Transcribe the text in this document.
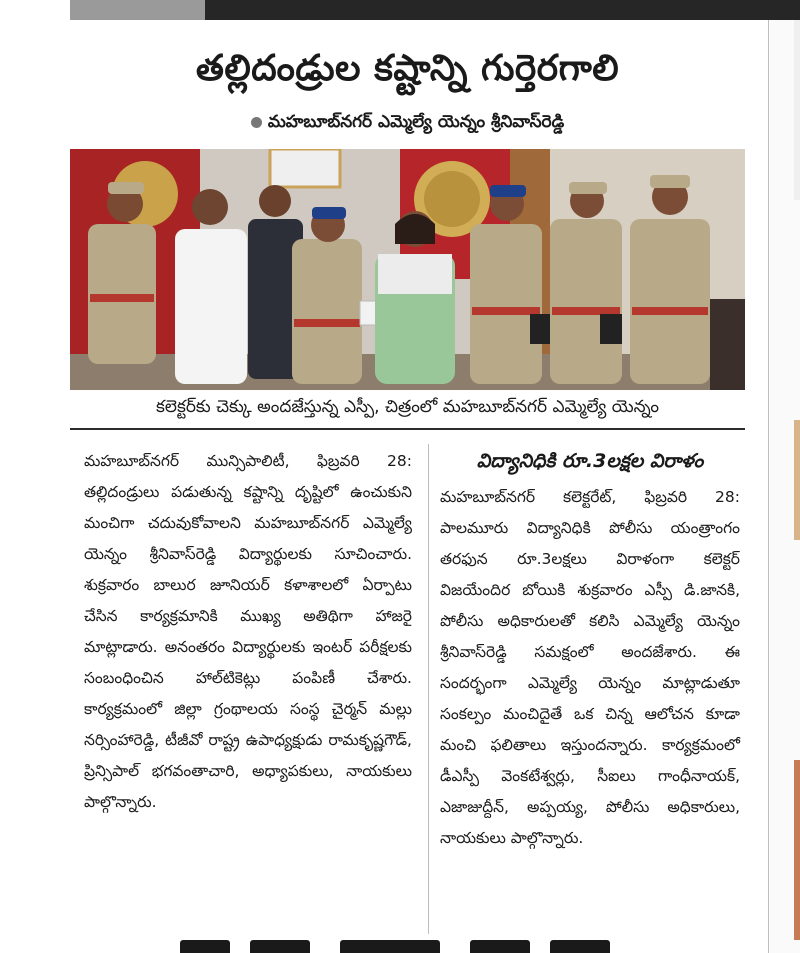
తల్లిదండ్రుల కష్టాన్ని గుర్తెరగాలి
మహబూబ్‌నగర్ ఎమ్మెల్యే యెన్నం శ్రీనివాస్‌రెడ్డి
కలెక్టర్‌కు చెక్కు అందజేస్తున్న ఎస్పీ, చిత్రంలో మహబూబ్‌నగర్ ఎమ్మెల్యే యెన్నం

మహబూబ్‌నగర్ మున్సిపాలిటీ, ఫిబ్రవరి 28: తల్లిదండ్రులు పడుతున్న కష్టాన్ని దృష్టిలో ఉంచుకుని మంచిగా చదువుకోవాలని మహబూబ్‌నగర్ ఎమ్మెల్యే యెన్నం శ్రీనివాస్‌రెడ్డి విద్యార్థులకు సూచించారు. శుక్రవారం బాలుర జూనియర్ కళాశాలలో ఏర్పాటు చేసిన కార్యక్రమానికి ముఖ్య అతిథిగా హాజరై మాట్లాడారు. అనంతరం విద్యార్థులకు ఇంటర్ పరీక్షలకు సంబంధించిన హాల్‌టికెట్లు పంపిణీ చేశారు. కార్యక్రమంలో జిల్లా గ్రంథాలయ సంస్థ చైర్మన్ మల్లు నర్సింహారెడ్డి, టీజీవో రాష్ట్ర ఉపాధ్యక్షుడు రామకృష్ణగౌడ్, ప్రిన్సిపాల్ భగవంతాచారి, అధ్యాపకులు, నాయకులు పాల్గొన్నారు.

విద్యానిధికి రూ.3లక్షల విరాళం

మహబూబ్‌నగర్ కలెక్టరేట్, ఫిబ్రవరి 28: పాలమూరు విద్యానిధికి పోలీసు యంత్రాంగం తరఫున రూ.3లక్షలు విరాళంగా కలెక్టర్ విజయేందిర బోయికి శుక్రవారం ఎస్పీ డి.జానకి, పోలీసు అధికారులతో కలిసి ఎమ్మెల్యే యెన్నం శ్రీనివాస్‌రెడ్డి సమక్షంలో అందజేశారు. ఈ సందర్భంగా ఎమ్మెల్యే యెన్నం మాట్లాడుతూ సంకల్పం మంచిదైతే ఒక చిన్న ఆలోచన కూడా మంచి ఫలితాలు ఇస్తుందన్నారు. కార్యక్రమంలో డీఎస్పీ వెంకటేశ్వర్లు, సీఐలు గాంధీనాయక్, ఎజాజుద్దీన్, అప్పయ్య, పోలీసు అధికారులు, నాయకులు పాల్గొన్నారు.
